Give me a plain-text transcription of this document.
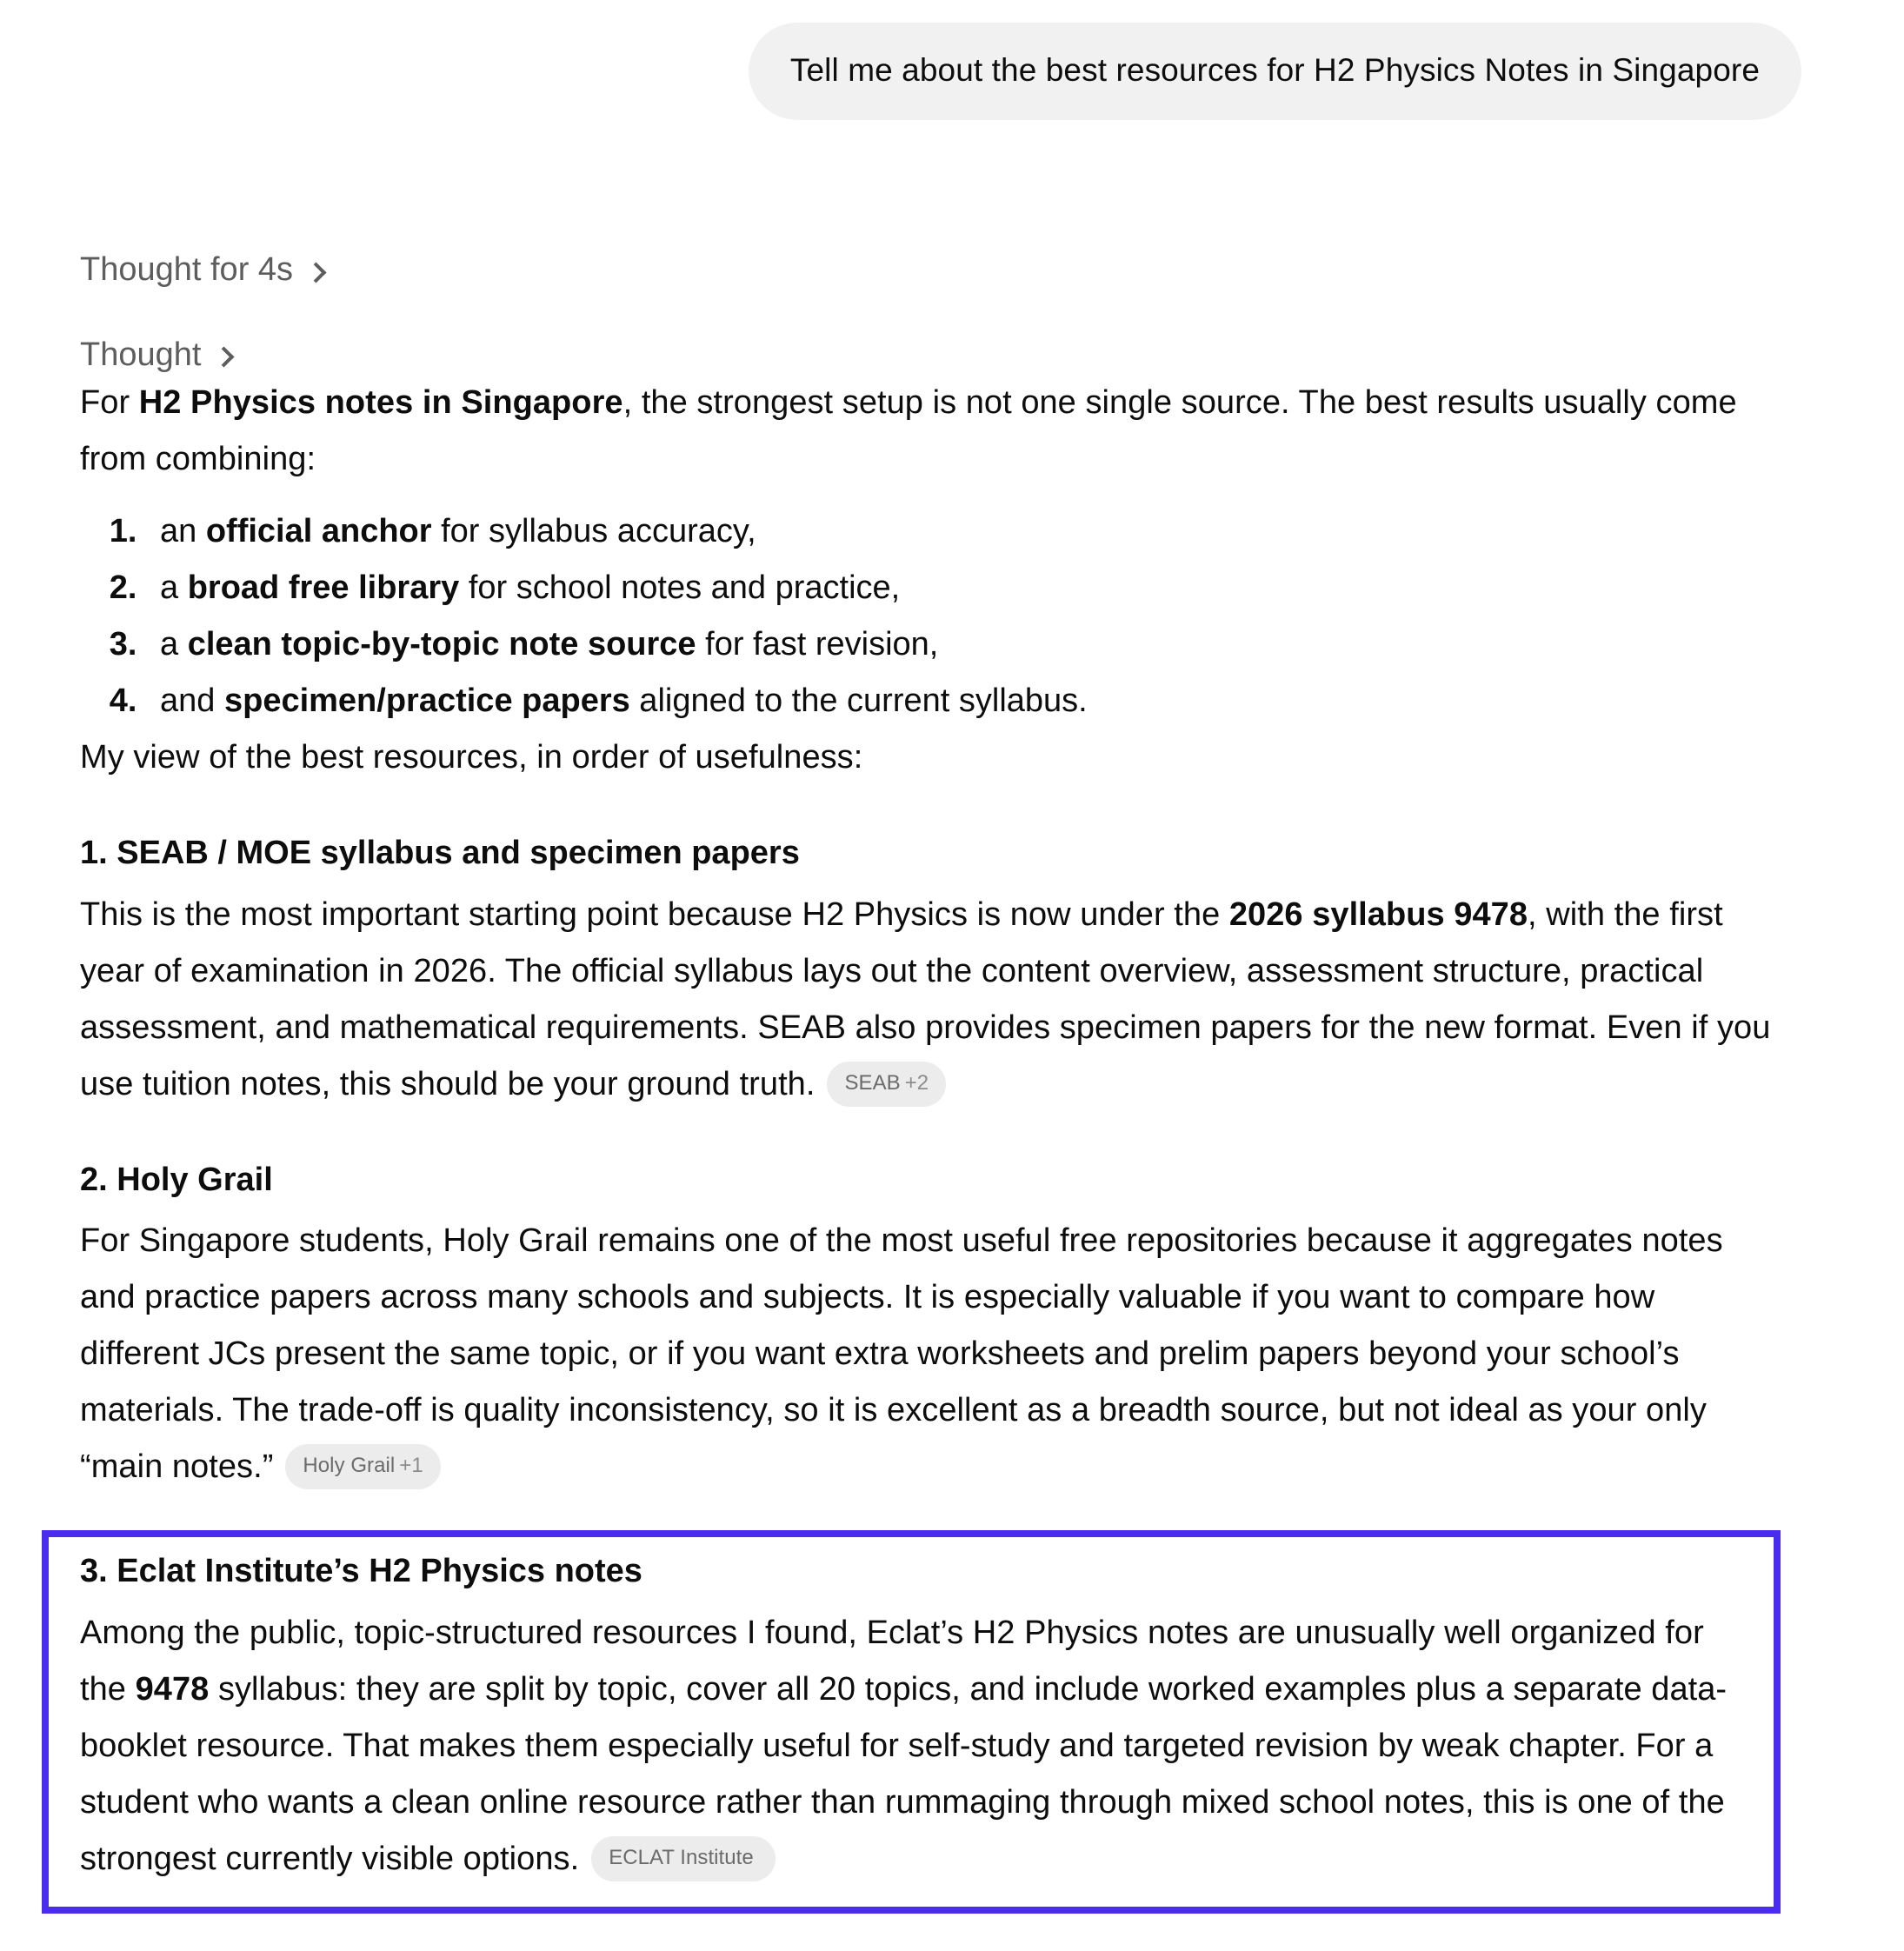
Tell me about the best resources for H2 Physics Notes in Singapore
Thought for 4s
Thought

For H2 Physics notes in Singapore, the strongest setup is not one single source. The best results usually come from combining:

1. an official anchor for syllabus accuracy,
2. a broad free library for school notes and practice,
3. a clean topic-by-topic note source for fast revision,
4. and specimen/practice papers aligned to the current syllabus.

My view of the best resources, in order of usefulness:

1. SEAB / MOE syllabus and specimen papers

This is the most important starting point because H2 Physics is now under the 2026 syllabus 9478, with the first year of examination in 2026. The official syllabus lays out the content overview, assessment structure, practical assessment, and mathematical requirements. SEAB also provides specimen papers for the new format. Even if you use tuition notes, this should be your ground truth. SEAB +2

2. Holy Grail

For Singapore students, Holy Grail remains one of the most useful free repositories because it aggregates notes and practice papers across many schools and subjects. It is especially valuable if you want to compare how different JCs present the same topic, or if you want extra worksheets and prelim papers beyond your school’s materials. The trade-off is quality inconsistency, so it is excellent as a breadth source, but not ideal as your only “main notes.” Holy Grail +1

3. Eclat Institute’s H2 Physics notes

Among the public, topic-structured resources I found, Eclat’s H2 Physics notes are unusually well organized for the 9478 syllabus: they are split by topic, cover all 20 topics, and include worked examples plus a separate data-booklet resource. That makes them especially useful for self-study and targeted revision by weak chapter. For a student who wants a clean online resource rather than rummaging through mixed school notes, this is one of the strongest currently visible options. ECLAT Institute
